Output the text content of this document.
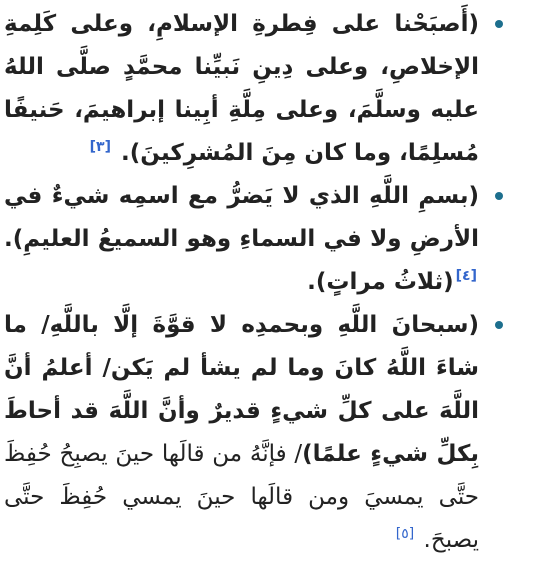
(أَصبَحْنا على فِطرةِ الإسلامِ، وعلى كَلِمةِ الإخلاصِ، وعلى دِينِ نَبيِّنا محمَّدٍ صلَّى اللهُ عليه وسلَّمَ، وعلى مِلَّةِ أبِينا إبراهيمَ، حَنيفًا مُسلِمًا، وما كان مِنَ المُشرِكينَ). [٣]
(بسمِ اللَّهِ الذي لا يَضرُّ مع اسمِه شيءٌ في الأرضِ ولا في السماءِ وهو السميعُ العليمِ). [٤](ثلاثُ مراتٍ).
(سبحانَ اللَّهِ وبحمدِه لا قوَّةَ إلَّا باللَّهِ/ ما شاءَ اللَّهُ كانَ وما لم يشأ لم يَكن/ أعلمُ أنَّ اللَّهَ على كلِّ شيءٍ قديرٌ وأنَّ اللَّهَ قد أحاطَ بِكلِّ شيءٍ علمًا)/ فإنَّهُ من قالَها حينَ يصبِحُ حُفِظَ حتَّى يمسيَ ومن قالَها حينَ يمسي حُفِظَ حتَّى يصبحَ. [٥]
